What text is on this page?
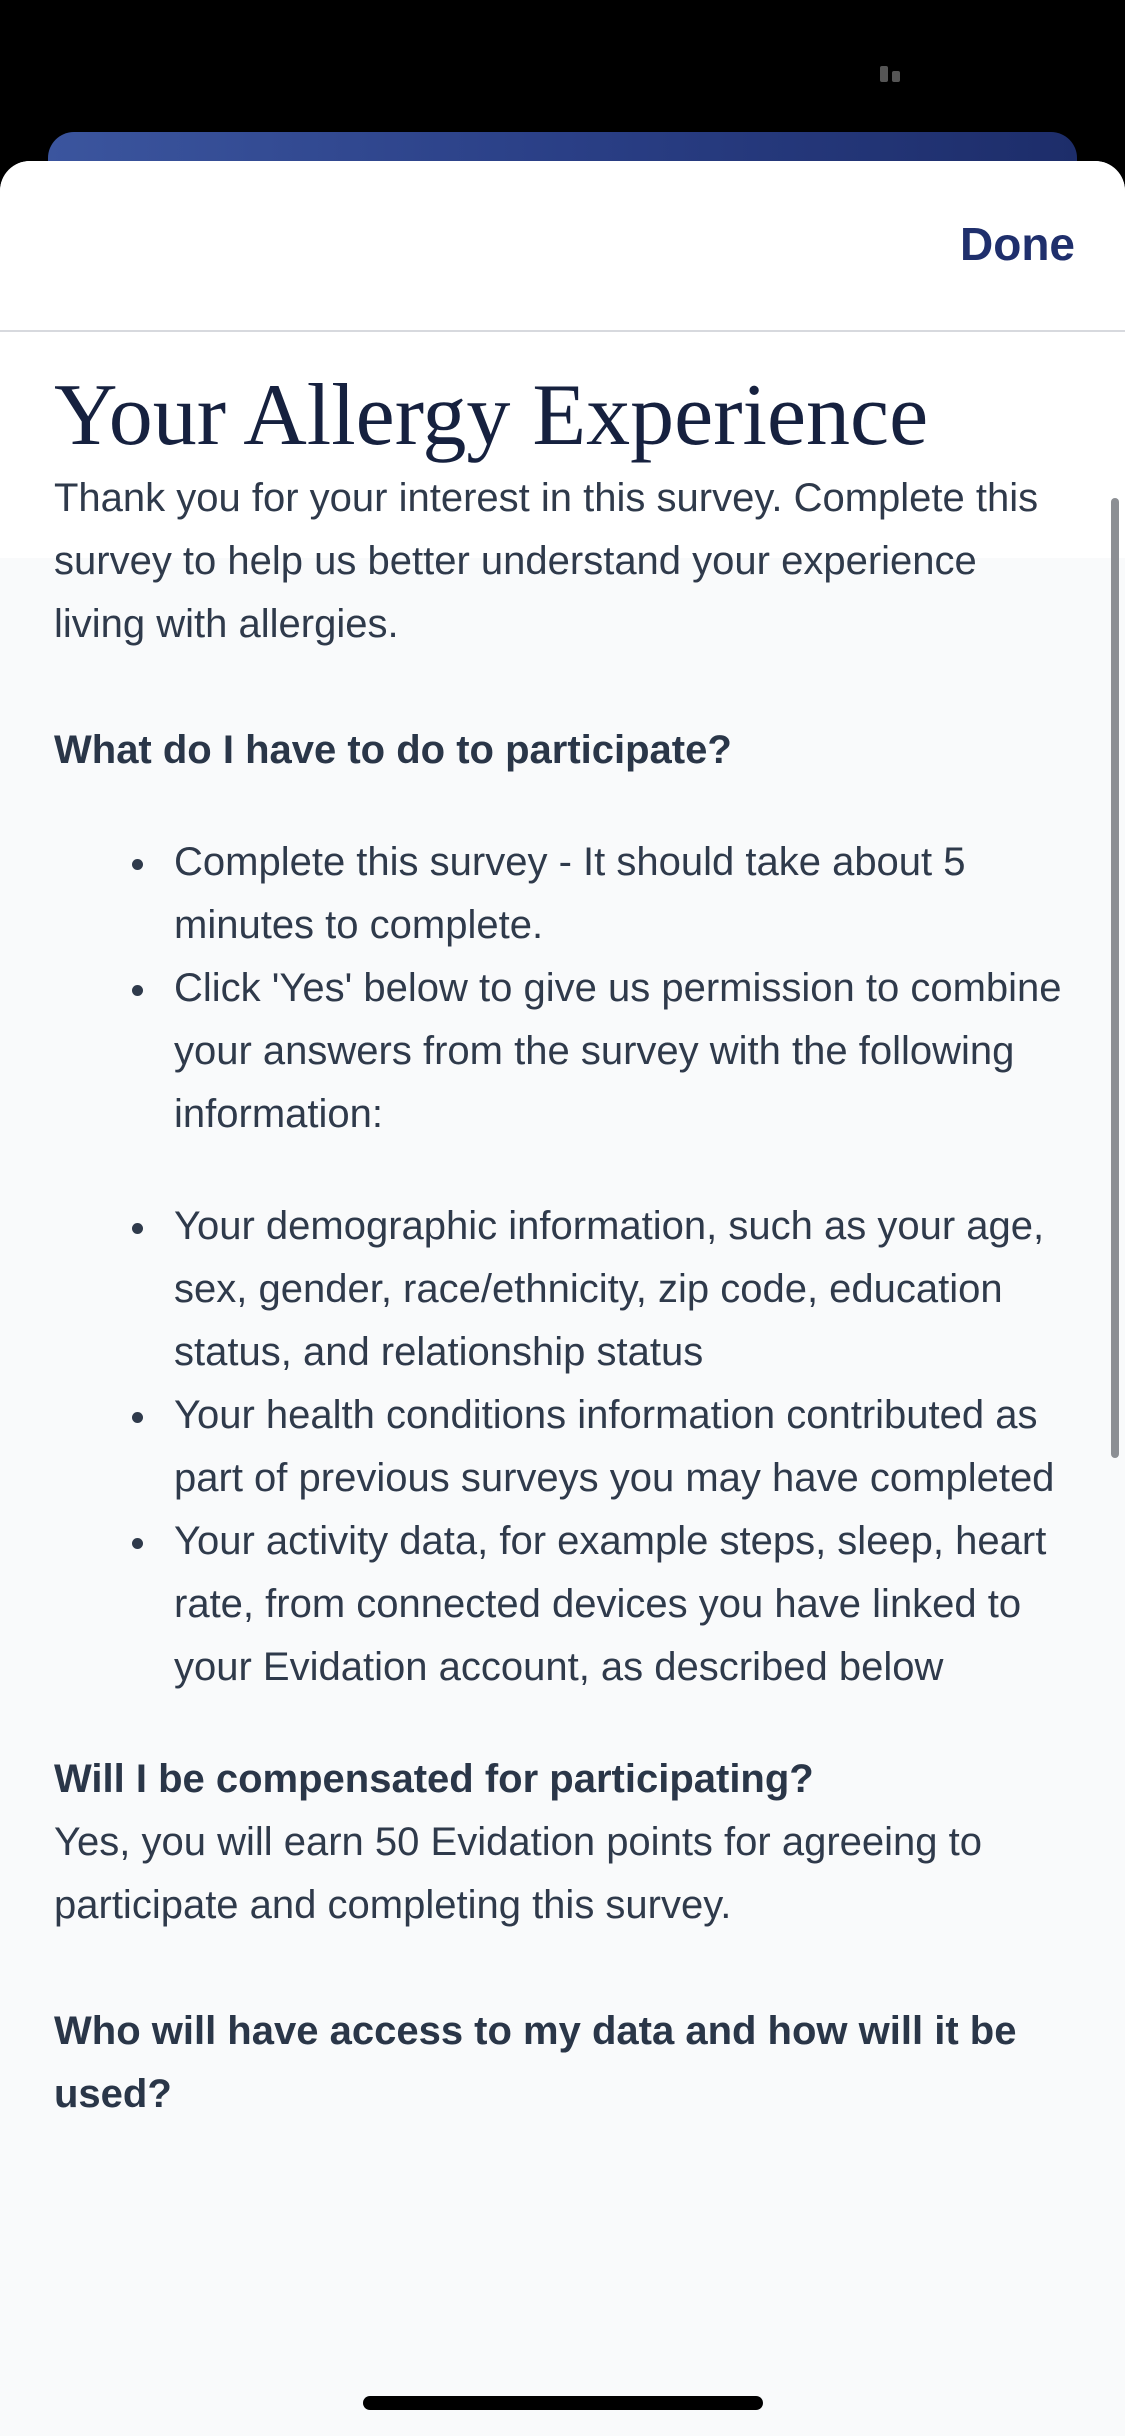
Done
Your Allergy Experience

Thank you for your interest in this survey. Complete this survey to help us better understand your experience living with allergies.

What do I have to do to participate?
Complete this survey - It should take about 5 minutes to complete.
Click 'Yes' below to give us permission to combine your answers from the survey with the following information:
Your demographic information, such as your age, sex, gender, race/ethnicity, zip code, education status, and relationship status
Your health conditions information contributed as part of previous surveys you may have completed
Your activity data, for example steps, sleep, heart rate, from connected devices you have linked to your Evidation account, as described below
Will I be compensated for participating?

Yes, you will earn 50 Evidation points for agreeing to participate and completing this survey.

Who will have access to my data and how will it be used?
